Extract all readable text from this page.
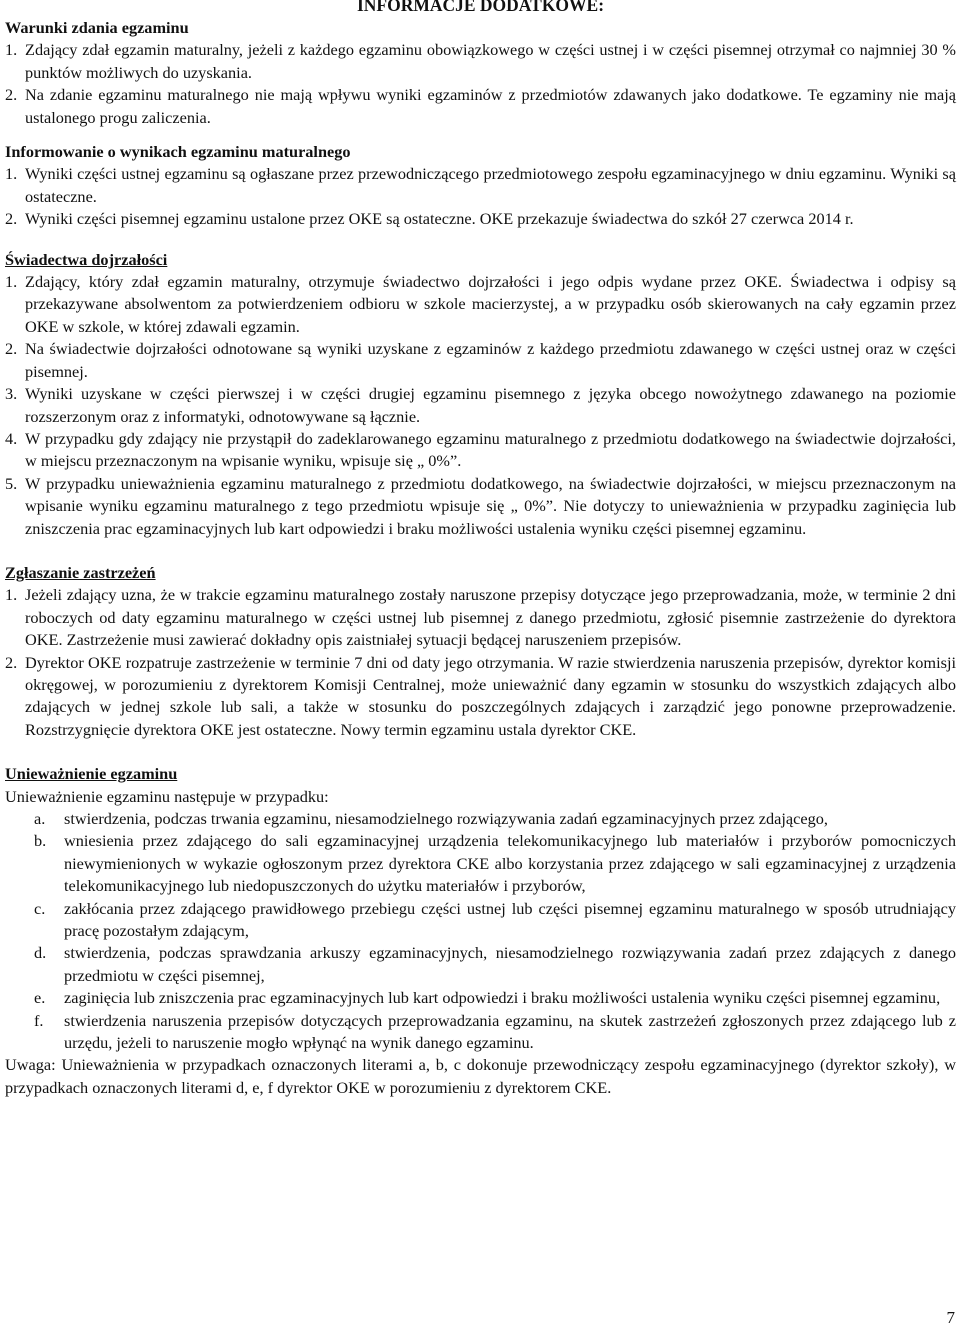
INFORMACJE DODATKOWE:
Warunki zdania egzaminu
1. Zdający zdał egzamin maturalny, jeżeli z każdego egzaminu obowiązkowego w części ustnej i w części pisemnej otrzymał co najmniej 30 % punktów możliwych do uzyskania.
2. Na zdanie egzaminu maturalnego nie mają wpływu wyniki egzaminów z przedmiotów zdawanych jako dodatkowe. Te egzaminy nie mają ustalonego progu zaliczenia.
Informowanie o wynikach egzaminu maturalnego
1. Wyniki części ustnej egzaminu są ogłaszane przez przewodniczącego przedmiotowego zespołu egzaminacyjnego w dniu egzaminu. Wyniki są ostateczne.
2. Wyniki części pisemnej egzaminu ustalone przez OKE są ostateczne. OKE przekazuje świadectwa do szkół 27 czerwca 2014 r.
Świadectwa dojrzałości
1. Zdający, który zdał egzamin maturalny, otrzymuje świadectwo dojrzałości i jego odpis wydane przez OKE. Świadectwa i odpisy są przekazywane absolwentom za potwierdzeniem odbioru w szkole macierzystej, a w przypadku osób skierowanych na cały egzamin przez OKE w szkole, w której zdawali egzamin.
2. Na świadectwie dojrzałości odnotowane są wyniki uzyskane z egzaminów z każdego przedmiotu zdawanego w części ustnej oraz w części pisemnej.
3. Wyniki uzyskane w części pierwszej i w części drugiej egzaminu pisemnego z języka obcego nowożytnego zdawanego na poziomie rozszerzonym oraz z informatyki, odnotowywane są łącznie.
4. W przypadku gdy zdający nie przystąpił do zadeklarowanego egzaminu maturalnego z przedmiotu dodatkowego na świadectwie dojrzałości, w miejscu przeznaczonym na wpisanie wyniku, wpisuje się „ 0%”.
5. W przypadku unieważnienia egzaminu maturalnego z przedmiotu dodatkowego, na świadectwie dojrzałości, w miejscu przeznaczonym na wpisanie wyniku egzaminu maturalnego z tego przedmiotu wpisuje się „ 0%”. Nie dotyczy to unieważnienia w przypadku zaginięcia lub zniszczenia prac egzaminacyjnych lub kart odpowiedzi i braku możliwości ustalenia wyniku części pisemnej egzaminu.
Zgłaszanie zastrzeżeń
1. Jeżeli zdający uzna, że w trakcie egzaminu maturalnego zostały naruszone przepisy dotyczące jego przeprowadzania, może, w terminie 2 dni roboczych od daty egzaminu maturalnego w części ustnej lub pisemnej z danego przedmiotu, zgłosić pisemnie zastrzeżenie do dyrektora OKE. Zastrzeżenie musi zawierać dokładny opis zaistniałej sytuacji będącej naruszeniem przepisów.
2. Dyrektor OKE rozpatruje zastrzeżenie w terminie 7 dni od daty jego otrzymania. W razie stwierdzenia naruszenia przepisów, dyrektor komisji okręgowej, w porozumieniu z dyrektorem Komisji Centralnej, może unieważnić dany egzamin w stosunku do wszystkich zdających albo zdających w jednej szkole lub sali, a także w stosunku do poszczególnych zdających i zarządzić jego ponowne przeprowadzenie. Rozstrzygnięcie dyrektora OKE jest ostateczne. Nowy termin egzaminu ustala dyrektor CKE.
Unieważnienie egzaminu

Unieważnienie egzaminu następuje w przypadku:

a.	stwierdzenia, podczas trwania egzaminu, niesamodzielnego rozwiązywania zadań egzaminacyjnych przez zdającego,
b.	wniesienia przez zdającego do sali egzaminacyjnej urządzenia telekomunikacyjnego lub materiałów i przyborów pomocniczych niewymienionych w wykazie ogłoszonym przez dyrektora CKE albo korzystania przez zdającego w sali egzaminacyjnej z urządzenia telekomunikacyjnego lub niedopuszczonych do użytku materiałów i przyborów,
c.	zakłócania przez zdającego prawidłowego przebiegu części ustnej lub części pisemnej egzaminu maturalnego w sposób utrudniający pracę pozostałym zdającym,
d.	stwierdzenia, podczas sprawdzania arkuszy egzaminacyjnych, niesamodzielnego rozwiązywania zadań przez zdających z danego przedmiotu w części pisemnej,
e.	zaginięcia lub zniszczenia prac egzaminacyjnych lub kart odpowiedzi i braku możliwości ustalenia wyniku części pisemnej egzaminu,
f.	stwierdzenia naruszenia przepisów dotyczących przeprowadzania egzaminu, na skutek zastrzeżeń zgłoszonych przez zdającego lub z urzędu, jeżeli to naruszenie mogło wpłynąć na wynik danego egzaminu.

Uwaga: Unieważnienia w przypadkach oznaczonych literami a, b, c dokonuje przewodniczący zespołu egzaminacyjnego (dyrektor szkoły), w przypadkach oznaczonych literami d, e, f dyrektor OKE w porozumieniu z dyrektorem CKE.

7
